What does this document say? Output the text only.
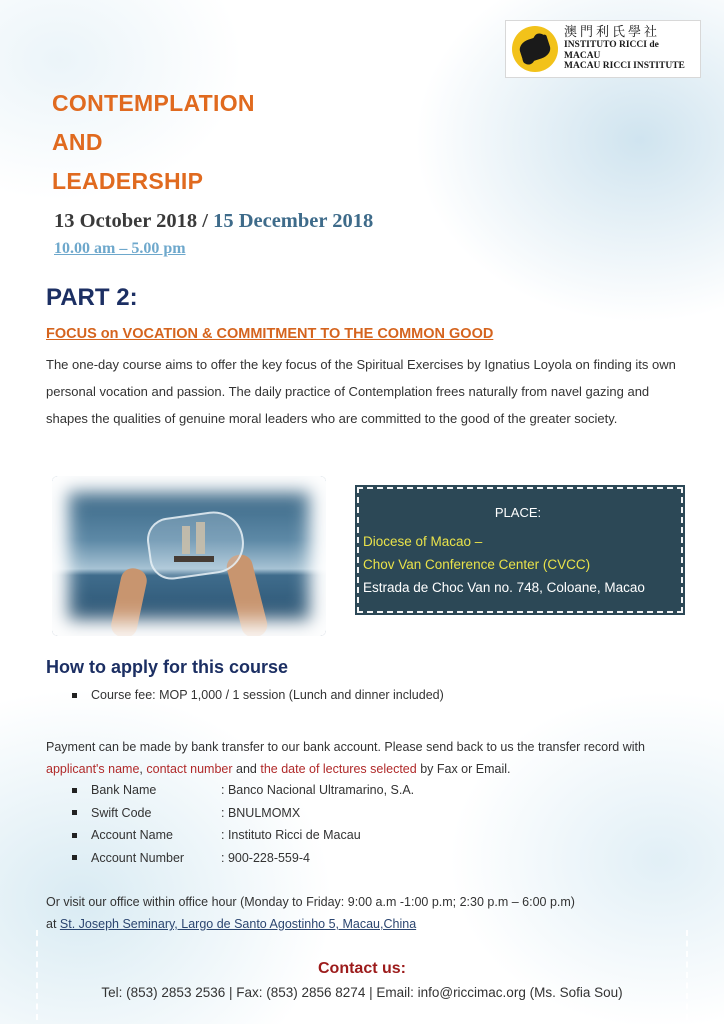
澳門利氏學社
INSTITUTO RICCI de MACAU
MACAU RICCI INSTITUTE
CONTEMPLATION
AND
LEADERSHIP
13 October 2018 / 15 December 2018
10.00 am – 5.00 pm
PART 2:
FOCUS on VOCATION & COMMITMENT TO THE COMMON GOOD
The one-day course aims to offer the key focus of the Spiritual Exercises by Ignatius Loyola on finding its own personal vocation and passion. The daily practice of Contemplation frees naturally from navel gazing and shapes the qualities of genuine moral leaders who are committed to the good of the greater society.
PLACE:
Diocese of Macao –
Chov Van Conference Center (CVCC)
Estrada de Choc Van no. 748, Coloane, Macao
How to apply for this course
Course fee: MOP 1,000 / 1 session (Lunch and dinner included)
Payment can be made by bank transfer to our bank account. Please send back to us the transfer record with applicant's name, contact number and the date of lectures selected by Fax or Email.
Bank Name	: Banco Nacional Ultramarino, S.A.
Swift Code	: BNULMOMX
Account Name	: Instituto Ricci de Macau
Account Number	: 900-228-559-4
Or visit our office within office hour (Monday to Friday: 9:00 a.m -1:00 p.m; 2:30 p.m – 6:00 p.m)
at St. Joseph Seminary, Largo de Santo Agostinho 5, Macau,China
Contact us:
Tel: (853) 2853 2536 | Fax: (853) 2856 8274 | Email: info@riccimac.org (Ms. Sofia Sou)
